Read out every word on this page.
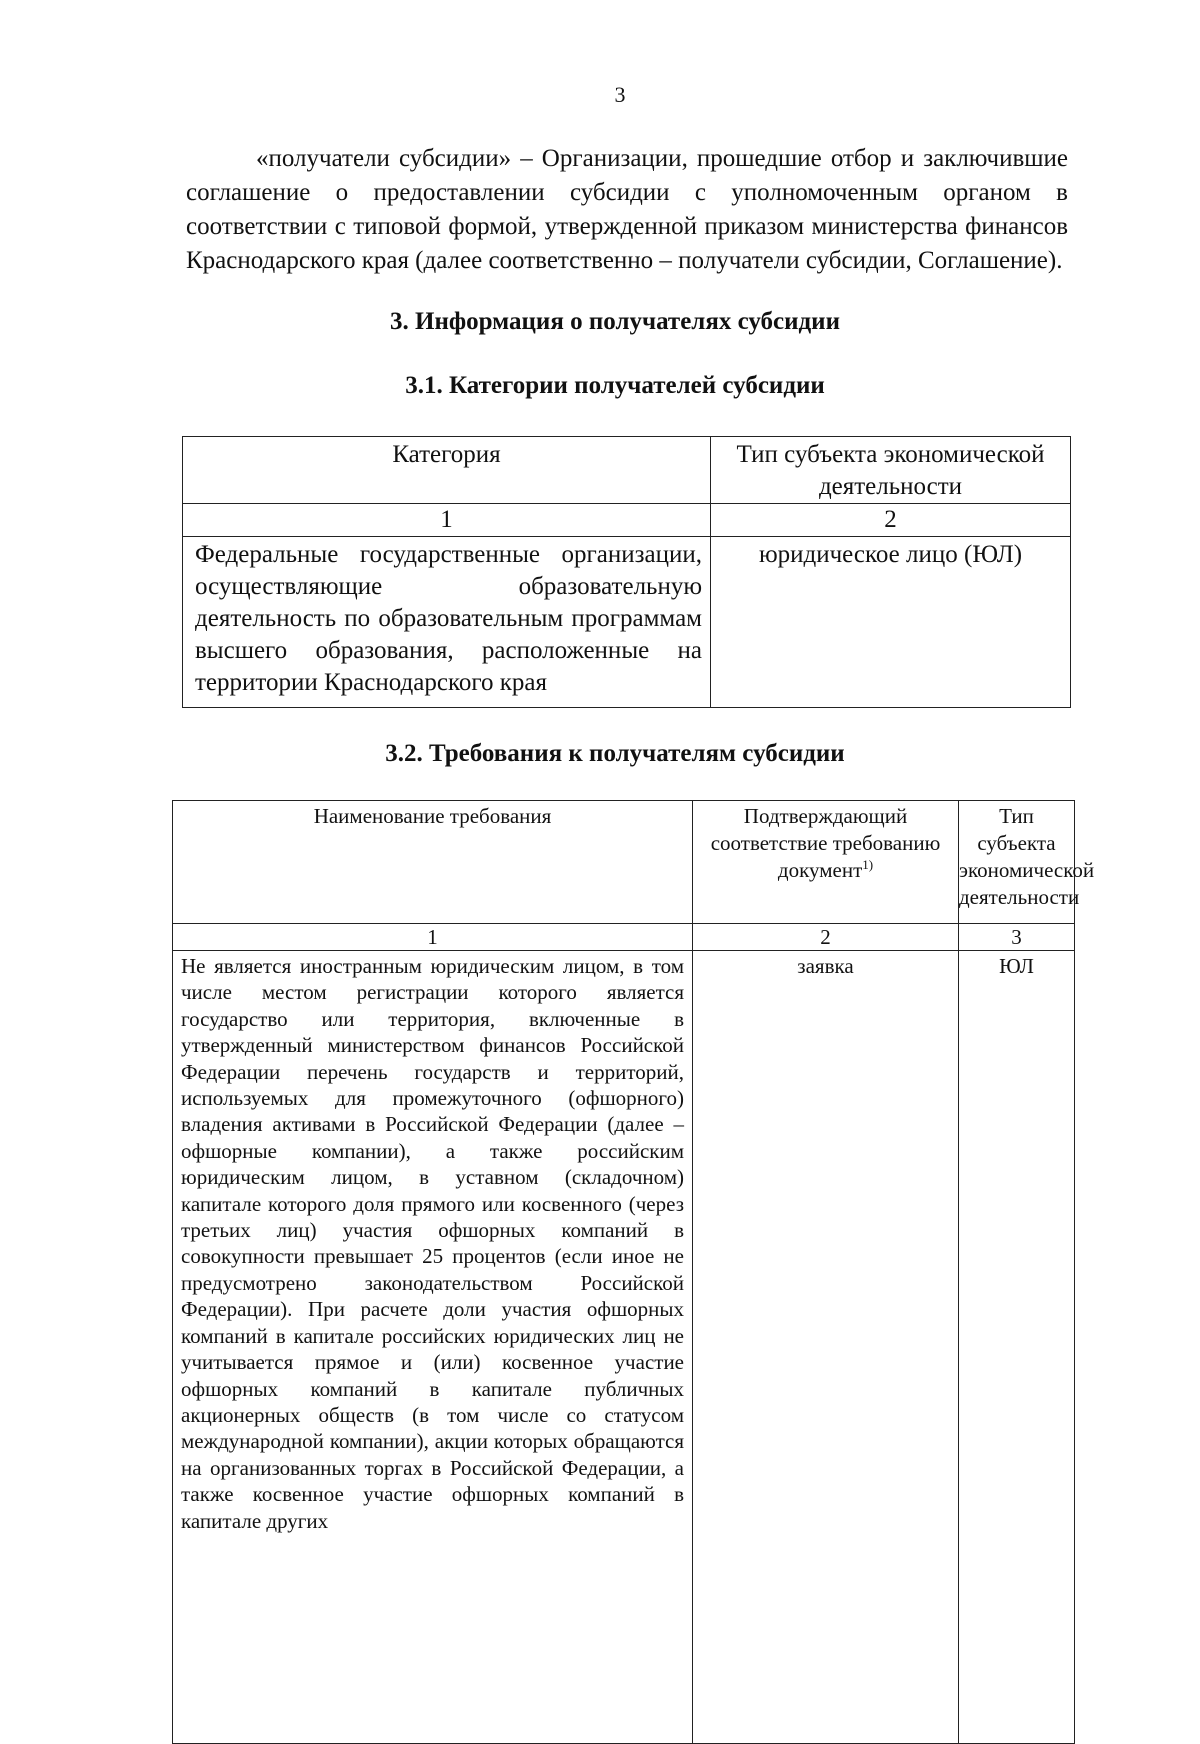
3

«получатели субсидии» – Организации, прошедшие отбор и заключившие соглашение о предоставлении субсидии с уполномоченным органом в соответствии с типовой формой, утвержденной приказом министерства финансов Краснодарского края (далее соответственно – получатели субсидии, Соглашение).

3. Информация о получателях субсидии
3.1. Категории получателей субсидии
Категория	Тип субъекта экономической деятельности
1	2
Федеральные государственные организации, осуществляющие образовательную деятельность по образовательным программам высшего образования, расположенные на территории Краснодарского края	юридическое лицо (ЮЛ)
3.2. Требования к получателям субсидии
Наименование требования	Подтверждающий соответствие требованию документ$^{1)}$	Тип субъекта экономической деятельности
1	2	3
Не является иностранным юридическим лицом, в том числе местом регистрации которого является государство или территория, включенные в утвержденный министерством финансов Российской Федерации перечень государств и территорий, используемых для промежуточного (офшорного) владения активами в Российской Федерации (далее – офшорные компании), а также российским юридическим лицом, в уставном (складочном) капитале которого доля прямого или косвенного (через третьих лиц) участия офшорных компаний в совокупности превышает 25 процентов (если иное не предусмотрено законодательством Российской Федерации). При расчете доли участия офшорных компаний в капитале российских юридических лиц не учитывается прямое и (или) косвенное участие офшорных компаний в капитале публичных акционерных обществ (в том числе со статусом международной компании), акции которых обращаются на организованных торгах в Российской Федерации, а также косвенное участие офшорных компаний в капитале других	заявка	ЮЛ
